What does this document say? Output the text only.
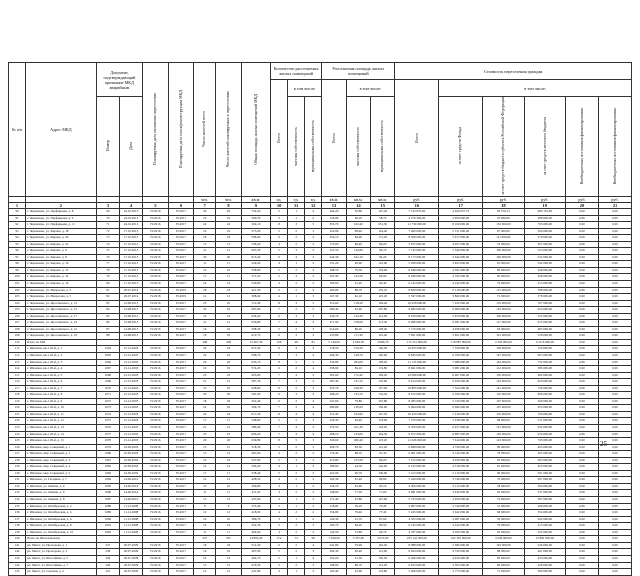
№ п/п	Адрес МКД	Документ, подтверждающий признание МКД аварийным		Планируемая дата окончания переселения	Планируемая дата сноса/реконструкции МКД	Число жителей всего	Число жителей планируемых к переселению	Общая площадь жилых помещений МКД	Количество расселяемых жилых помещений			Расселяемая площадь жилых помещений			Стоимость переселения граждан					
									Всего	в том числе:		Всего	в том числе:		Всего	в том числе:				
		Номер	Дата							частная собственность	муниципальная собственность		частная собственность	муниципальная собственность		за счет средств Фонда	за счет средств бюджета субъекта Российской Федерации	за счет средств местного бюджета	Внебюджетных источников финансирования	Внебюджетных источников финансирования
						чел.	чел.	кв.м.	ед.	ед.	ед.	кв.м.	кв.м.	кв.м.	руб.	руб.	руб.	руб.	руб.	руб.
1	2	3	4	5	6	7	8	9	10	11	12	13	14	15	16	17	18	19	20	21
90	г. Черемхово, ул. Парфирьева, д. 8	69	24.10.2013	IV.2016	IV.2017	29	29	754,20	5	1	4	204,20	56,80	147,40	7 122 870,00	4 924 657,73	93 579,13	480 155,48	0,00	0,00
91	г. Черемхово, ул. Парфирьева, д. 9	70	24.10.2013	IV.2016	IV.2017	19	19	569,50	3	1	2	124,90	66,20	58,70	4 270 500,00	2 950 000,00	55 000,00	288 600,00	0,00	0,00
92	г. Черемхово, ул. Парфирьева, д. 11	71	24.10.2013	IV.2016	IV.2017	24	24	592,10	8	3	5	353,70	102,40	251,30	11 730 000,00	8 100 000,00	152 000,00	793 000,00	0,00	0,00
93	г. Черемхово, ул. Кирова, д. 18	72	17.10.2013	IV.2016	IV.2017	19	19	575,00	5	2	3	222,80	98,40	124,40	7 460 000,00	5 151 000,00	97 000,00	504 000,00	0,00	0,00
94	г. Черемхово, ул. Кирова, д. 20	73	17.10.2013	IV.2016	IV.2017	18	18	598,00	6	2	4	256,10	84,90	171,20	8 568 000,00	5 917 000,00	111 000,00	579 000,00	0,00	0,00
95	г. Черемхово, ул. Кирова, д. 22	74	17.10.2013	IV.2016	IV.2017	13	13	538,20	4	2	2	175,60	86,40	89,20	5 875 000,00	4 057 000,00	76 000,00	397 000,00	0,00	0,00
96	г. Черемхово, ул. Кирова, д. 6	75	17.10.2013	IV.2016	IV.2017	21	21	603,30	5	3	2	231,50	136,80	94,70	7 745 000,00	5 349 000,00	100 000,00	523 000,00	0,00	0,00
97	г. Черемхово, ул. Кирова, д. 8	76	17.10.2013	IV.2016	IV.2017	20	20	613,40	6	4	2	244,30	162,10	82,20	8 173 000,00	5 644 000,00	106 000,00	552 000,00	0,00	0,00
98	г. Черемхово, ул. Кирова, д. 10	77	17.10.2013	IV.2016	IV.2017	11	11	524,60	4	1	3	151,20	40,60	110,60	5 058 000,00	3 493 000,00	65 000,00	342 000,00	0,00	0,00
99	г. Черемхово, ул. Кирова, д. 12	78	17.10.2013	IV.2016	IV.2017	16	16	558,90	5	2	3	198,70	79,30	119,40	6 648 000,00	4 591 000,00	86 000,00	449 000,00	0,00	0,00
100	г. Черемхово, ул. Кирова, д. 14	79	17.10.2013	IV.2016	IV.2017	17	17	571,20	5	3	2	207,40	122,50	84,90	6 939 000,00	4 792 000,00	90 000,00	468 000,00	0,00	0,00
101	г. Черемхово, ул. Кирова, д. 16	80	17.10.2013	IV.2016	IV.2017	14	14	546,80	4	2	2	183,60	91,20	92,40	6 142 000,00	4 242 000,00	79 000,00	415 000,00	0,00	0,00
102	г. Черемхово, ул. Некрасова, д. 3	81	20.07.2016	IV.2018	IV.2019	18	18	421,30	6	2	4	264,80	88,70	176,10	8 859 000,00	6 118 000,00	115 000,00	598 000,00	0,00	0,00
103	г. Черемхово, ул. Некрасова, д. 5	82	20.07.2016	IV.2018	IV.2019	12	12	398,60	4	1	3	167,30	42,10	125,20	5 597 000,00	3 866 000,00	72 000,00	378 000,00	0,00	0,00
104	г. Черемхово, ул. Ярославского, д. 13	83	12.08.2013	IV.2016	IV.2017	25	25	712,40	8	3	5	312,60	118,20	194,40	10 458 000,00	7 222 000,00	135 000,00	707 000,00	0,00	0,00
105	г. Черемхово, ул. Ярославского, д. 15	84	12.08.2013	IV.2016	IV.2017	22	22	687,90	7	2	5	289,40	81,60	207,80	9 682 000,00	6 686 000,00	125 000,00	654 000,00	0,00	0,00
106	г. Черемхово, ул. Ярославского, д. 17	85	12.08.2013	IV.2016	IV.2017	19	19	634,20	6	3	3	245,70	124,30	121,40	8 220 000,00	5 676 000,00	106 000,00	555 000,00	0,00	0,00
107	г. Черемхово, ул. Ярославского, д. 19	86	12.08.2013	IV.2016	IV.2017	21	21	656,80	7	4	3	271,90	158,60	113,30	9 096 000,00	6 281 000,00	117 000,00	615 000,00	0,00	0,00
108	г. Черемхово, ул. Ярославского, д. 21	87	12.08.2013	IV.2016	IV.2017	16	16	598,30	5	2	3	214,60	86,20	128,40	7 179 000,00	4 958 000,00	93 000,00	485 000,00	0,00	0,00
109	г. Черемхово, ул. Ярославского, д. 23	88	12.08.2013	IV.2016	IV.2017	18	18	612,70	6	3	3	233,80	117,40	116,40	7 821 000,00	5 401 000,00	101 000,00	528 000,00	0,00	0,00
110	Итого по МО					438	438	12 467,30	129	48	81	5 149,00	2 062,30	3 086,70	172 251 800,00	118 987 000,00	2 226 000,00	11 616 000,00	0,00	0,00
111	г. Шелехов, кв-л 20-й, д. 1	1064	21.12.2003	IV.2016	IV.2017	24	24	612,40	8	4	4	318,50	156,20	162,30	10 655 000,00	7 358 000,00	138 000,00	720 000,00	0,00	0,00
112	г. Шелехов, кв-л 20-й, д. 2	1065	21.12.2003	IV.2016	IV.2017	22	22	598,70	7	3	4	294,30	128,70	165,60	9 845 000,00	6 799 000,00	127 000,00	665 000,00	0,00	0,00
113	г. Шелехов, кв-л 20-й, д. 3	1066	21.12.2003	IV.2016	IV.2017	26	26	645,10	8	5	3	332,80	204,60	128,20	11 133 000,00	7 688 000,00	144 000,00	752 000,00	0,00	0,00
114	г. Шелехов, кв-л 20-й, д. 4	1067	21.12.2003	IV.2016	IV.2017	19	19	574,20	6	2	4	258,90	84,10	174,80	8 661 000,00	5 981 000,00	112 000,00	585 000,00	0,00	0,00
115	г. Шелехов, кв-л 20-й, д. 5	1068	21.12.2003	IV.2016	IV.2017	23	23	603,80	7	4	3	301,60	172,40	129,20	10 089 000,00	6 967 000,00	130 000,00	682 000,00	0,00	0,00
116	г. Шелехов, кв-л 20-й, д. 6	1069	21.12.2003	IV.2016	IV.2017	21	21	587,30	7	3	4	287,40	131,50	155,90	9 614 000,00	6 639 000,00	124 000,00	650 000,00	0,00	0,00
117	г. Шелехов, кв-л 20-й, д. 7	1070	21.12.2003	IV.2016	IV.2017	25	25	628,60	8	5	3	325,70	198,30	127,40	10 895 000,00	7 524 000,00	141 000,00	736 000,00	0,00	0,00
118	г. Шелехов, кв-л 20-й, д. 8	1071	21.12.2003	IV.2016	IV.2017	20	20	581,90	6	3	3	268,20	135,70	132,50	8 972 000,00	6 196 000,00	116 000,00	606 000,00	0,00	0,00
119	г. Шелехов, кв-л 20-й, д. 9	1072	21.12.2003	IV.2016	IV.2017	18	18	562,40	6	2	4	247,60	79,80	167,80	8 283 000,00	5 720 000,00	107 000,00	560 000,00	0,00	0,00
120	г. Шелехов, кв-л 20-й, д. 10	1073	21.12.2003	IV.2016	IV.2017	22	22	594,70	7	3	4	289,80	139,20	150,60	9 694 000,00	6 694 000,00	125 000,00	655 000,00	0,00	0,00
121	г. Шелехов, кв-л 20-й, д. 11	1074	21.12.2003	IV.2016	IV.2017	24	24	617,30	8	4	4	312,40	164,90	147,50	10 450 000,00	7 216 000,00	135 000,00	706 000,00	0,00	0,00
122	г. Шелехов, кв-л 20-й, д. 12	1075	21.12.2003	IV.2016	IV.2017	17	17	548,60	5	2	3	226,30	92,40	133,90	7 570 000,00	5 228 000,00	98 000,00	511 000,00	0,00	0,00
123	г. Шелехов, кв-л 20-й, д. 13	1076	21.12.2003	IV.2016	IV.2017	21	21	589,40	7	4	3	279,50	161,30	118,20	9 350 000,00	6 457 000,00	121 000,00	632 000,00	0,00	0,00
124	г. Шелехов, кв-л 20-й, д. 14	1077	21.12.2003	IV.2016	IV.2017	23	23	606,20	7	3	4	298,10	133,60	164,50	9 972 000,00	6 887 000,00	129 000,00	674 000,00	0,00	0,00
125	г. Шелехов, кв-л 20-й, д. 15	1078	21.12.2003	IV.2016	IV.2017	26	26	639,80	8	5	3	329,60	206,40	123,20	11 026 000,00	7 614 000,00	143 000,00	745 000,00	0,00	0,00
126	г. Шелехов, мкр. Северный, д. 1	1079	10.09.2002	IV.2016	IV.2017	15	15	518,30	5	2	3	204,70	83,50	121,20	6 848 000,00	4 729 000,00	89 000,00	463 000,00	0,00	0,00
127	г. Шелехов, мкр. Северный, д. 2	1080	10.09.2002	IV.2016	IV.2017	13	13	497,60	4	2	2	179,40	88,10	91,30	6 001 000,00	4 144 000,00	78 000,00	405 000,00	0,00	0,00
128	г. Шелехов, мкр. Северный, д. 3	1081	10.09.2002	IV.2016	IV.2017	16	16	527,90	5	3	2	213,80	127,60	86,20	7 152 000,00	4 939 000,00	93 000,00	483 000,00	0,00	0,00
129	г. Шелехов, мкр. Северный, д. 4	1082	10.09.2002	IV.2016	IV.2017	14	14	506,20	4	1	3	186,90	44,30	142,60	6 252 000,00	4 318 000,00	81 000,00	423 000,00	0,00	0,00
130	г. Шелехов, мкр. Северный, д. 5	1083	10.09.2002	IV.2016	IV.2017	17	17	538,40	5	2	3	221,60	90,70	130,90	7 413 000,00	5 119 000,00	96 000,00	501 000,00	0,00	0,00
131	г. Шелехов, ул. Гагарина, д. 7	1084	14.06.2010	IV.2016	IV.2017	12	12	428,50	4	2	2	162,30	81,40	80,90	5 429 000,00	3 749 000,00	70 000,00	367 000,00	0,00	0,00
132	г. Шелехов, ул. Ленина, д. 4	1085	14.06.2010	IV.2016	IV.2017	10	10	396,80	3	1	2	134,70	42,60	92,10	4 506 000,00	3 112 000,00	58 000,00	304 000,00	0,00	0,00
133	г. Шелехов, ул. Ленина, д. 6	1086	14.06.2010	IV.2016	IV.2017	11	11	411,20	4	2	2	148,90	77,30	71,60	4 981 000,00	3 440 000,00	64 000,00	337 000,00	0,00	0,00
134	г. Шелехов, ул. Ленина, д. 8	1087	14.06.2010	IV.2016	IV.2017	13	13	437,60	4	1	3	171,40	43,80	127,60	5 733 000,00	3 959 000,00	74 000,00	387 000,00	0,00	0,00
135	г. Шелехов, ул. Октябрьская, д. 2	1088	11.12.2008	IV.2016	IV.2017	9	9	372,40	3	1	2	118,60	39,20	79,40	3 967 000,00	2 740 000,00	51 000,00	268 000,00	0,00	0,00
136	г. Шелехов, ул. Октябрьская, д. 4	1089	11.12.2008	IV.2016	IV.2017	12	12	418,90	4	2	2	156,80	79,40	77,40	5 245 000,00	3 622 000,00	68 000,00	354 000,00	0,00	0,00
137	г. Шелехов, ул. Октябрьская, д. 6	1090	11.12.2008	IV.2016	IV.2017	10	10	389,70	3	1	2	129,30	41,70	87,60	4 325 000,00	2 987 000,00	56 000,00	292 000,00	0,00	0,00
138	г. Шелехов, ул. Октябрьская, д. 8	1091	11.12.2008	IV.2016	IV.2017	14	14	452,30	5	2	3	183,70	84,20	99,50	6 145 000,00	4 244 000,00	79 000,00	415 000,00	0,00	0,00
139	г. Шелехов, ул. Октябрьская, д. 10	1092	11.12.2008	IV.2016	IV.2017	11	11	404,60	4	2	2	142,50	72,80	69,70	4 767 000,00	3 292 000,00	62 000,00	322 000,00	0,00	0,00
140	Итого по Шелеховскому					527	527	14 893,40	172	73	99	7 029,60	3 357,60	3 672,00	235 141 000,00	162 391 000,00	3 040 000,00	15 882 000,00	0,00	0,00
141	рп. Мегет, ул. Прохорова, д. 1	237	20.07.2009	IV.2016	IV.2017	18	18	512,40	6	2	4	241,80	79,60	162,20	8 088 000,00	5 586 000,00	105 000,00	546 000,00	0,00	0,00
142	рп. Мегет, ул. Прохорова, д. 3	238	20.07.2009	IV.2016	IV.2017	16	16	487,90	5	2	3	204,30	82,40	121,90	6 834 000,00	4 720 000,00	88 000,00	461 000,00	0,00	0,00
143	рп. Мегет, ул. Шоссейная, д. 5	239	20.07.2009	IV.2016	IV.2017	14	14	462,70	5	1	4	191,60	41,30	150,30	6 409 000,00	4 426 000,00	83 000,00	433 000,00	0,00	0,00
144	рп. Мегет, ул. Шоссейная, д. 7	240	20.07.2009	IV.2016	IV.2017	15	15	479,30	5	2	3	198,90	86,70	112,20	6 653 000,00	4 595 000,00	86 000,00	449 000,00	0,00	0,00
145	рп. Мегет, ул. Садовая, д. 2	241	20.07.2009	IV.2016	IV.2017	12	12	441,80	4	1	3	163,40	43,60	119,80	5 466 000,00	3 775 000,00	71 000,00	369 000,00	0,00	0,00
25
